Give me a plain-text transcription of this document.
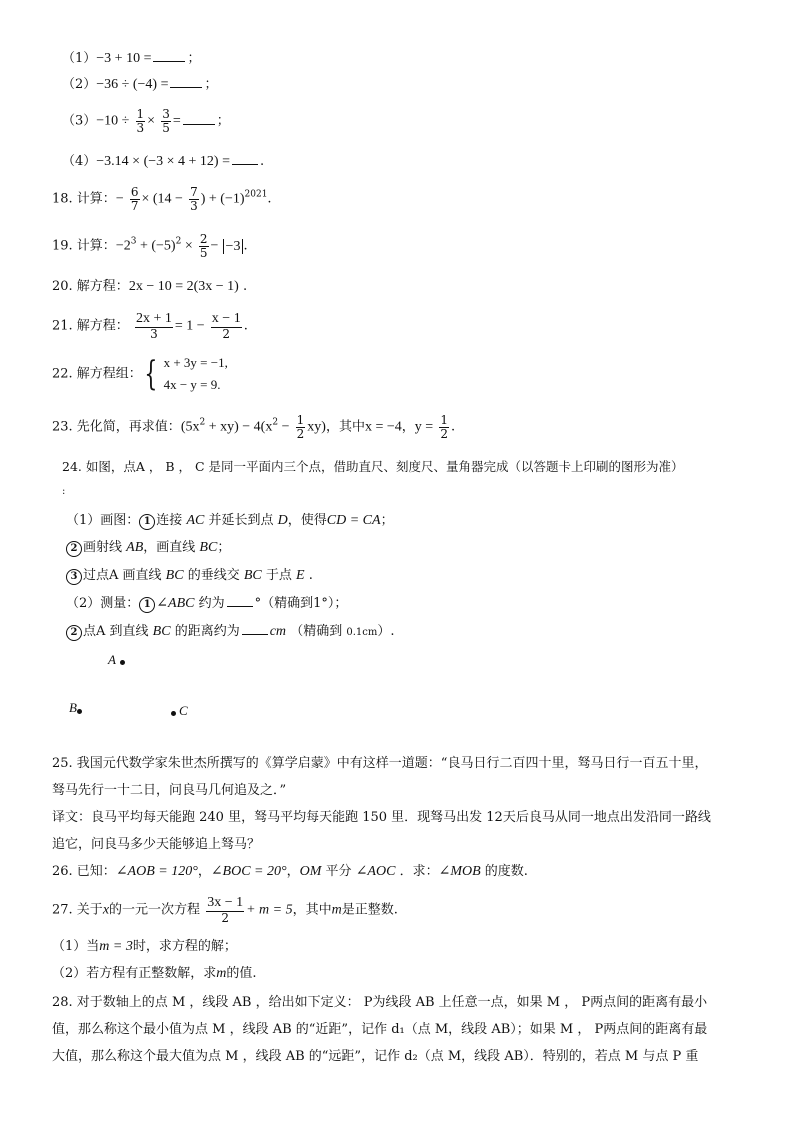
（1）−3 + 10 =	；
（2）−36 ÷ (−4) =	；
$(3)-10 \div \frac{1}{3} \times \frac{3}{5}$ =	；
（4）−3.14 × (−3 × 4 + 12) = .
18. 计算：− $\frac{6}{7} \times (14 - \frac{7}{3}$ ) + $(-1)^{2021}$.
19. 计算：$-2^3 + (-5)^2 \times \frac{2}{5} - -3$ .
20. 解方程：2x − 10 = 2(3x − 1) .
21. 解方程： $\frac{2x + 1}{3} = 1 - \frac{x - 1}{2}$ .
22. 解方程组：{ x + 3y = −1,
4x − y = 9.
23. 先化简，再求值：$(5x^2 + xy) - 4(x^2 - \frac{1}{2} xy)$，其中x = −4，$y = \frac{1}{2}$ .
24. 如图，点A ， B ， C 是同一平面内三个点，借助直尺、刻度尺、量角器完成（以答题卡上印刷的图形为准）
:
（1）画图： 1 连接 AC 并延长到点 D，使得CD = CA；
2 画射线 AB，画直线 BC；
3 过点A 画直线 BC 的垂线交 BC 于点 E .
（2）测量： 1 ∠ABC 约为 °（精确到1°）；
2 点A 到直线 BC 的距离约为 cm （精确到 0.1cm）.
A
B	C
25. 我国元代数学家朱世杰所撰写的《算学启蒙》中有这样一道题：“良马日行二百四十里，驽马日行一百五十里，
驽马先行一十二日，问良马几何追及之．”
译文：良马平均每天能跑 240 里，驽马平均每天能跑 150 里．现驽马出发 12天后良马从同一地点出发沿同一路线
追它，问良马多少天能够追上驽马？
26. 已知：∠AOB = 120°，∠BOC = 20°，OM 平分 ∠AOC ．求：∠MOB 的度数.
27. 关于x的一元一次方程 $\frac{3x - 1}{2} + m = 5$，其中m是正整数.
（1）当m = 3时，求方程的解；
（2）若方程有正整数解，求m的值.
28. 对于数轴上的点 M ，线段 AB ，给出如下定义： P为线段 AB 上任意一点，如果 M ， P两点间的距离有最小
值，那么称这个最小值为点 M ，线段 AB 的“近距”，记作 d₁（点 M，线段 AB）；如果 M ， P两点间的距离有最
大值，那么称这个最大值为点 M ，线段 AB 的“远距”，记作 d₂（点 M，线段 AB）．特别的，若点 M 与点 P 重
